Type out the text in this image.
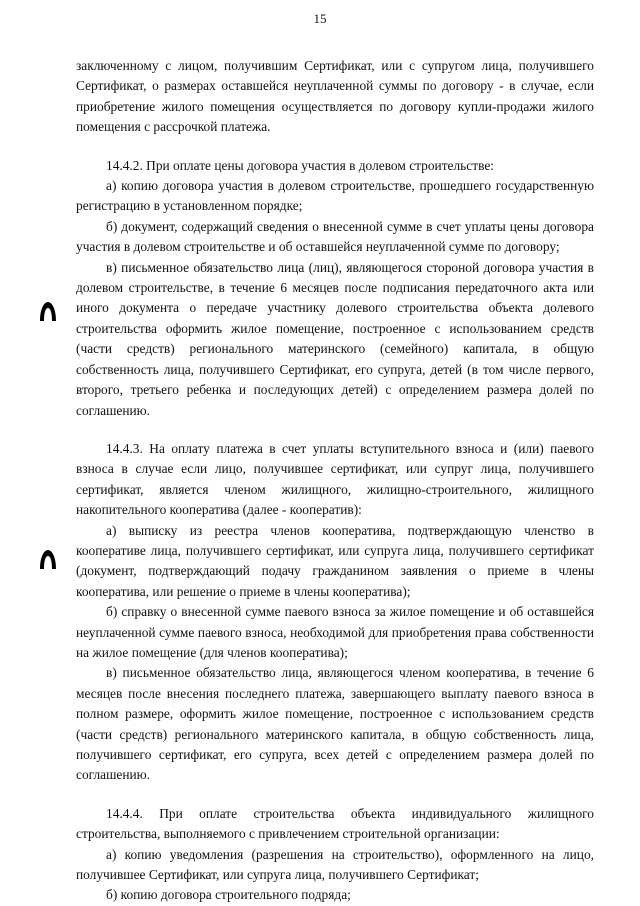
15

заключенному с лицом, получившим Сертификат, или с супругом лица, получившего Сертификат, о размерах оставшейся неуплаченной суммы по договору - в случае, если приобретение жилого помещения осуществляется по договору купли-продажи жилого помещения с рассрочкой платежа.

14.4.2. При оплате цены договора участия в долевом строительстве:

а) копию договора участия в долевом строительстве, прошедшего государственную регистрацию в установленном порядке;

б) документ, содержащий сведения о внесенной сумме в счет уплаты цены договора участия в долевом строительстве и об оставшейся неуплаченной сумме по договору;

в) письменное обязательство лица (лиц), являющегося стороной договора участия в долевом строительстве, в течение 6 месяцев после подписания передаточного акта или иного документа о передаче участнику долевого строительства объекта долевого строительства оформить жилое помещение, построенное с использованием средств (части средств) регионального материнского (семейного) капитала, в общую собственность лица, получившего Сертификат, его супруга, детей (в том числе первого, второго, третьего ребенка и последующих детей) с определением размера долей по соглашению.

14.4.3. На оплату платежа в счет уплаты вступительного взноса и (или) паевого взноса в случае если лицо, получившее сертификат, или супруг лица, получившего сертификат, является членом жилищного, жилищно-строительного, жилищного накопительного кооператива (далее - кооператив):

а) выписку из реестра членов кооператива, подтверждающую членство в кооперативе лица, получившего сертификат, или супруга лица, получившего сертификат (документ, подтверждающий подачу гражданином заявления о приеме в члены кооператива, или решение о приеме в члены кооператива);

б) справку о внесенной сумме паевого взноса за жилое помещение и об оставшейся неуплаченной сумме паевого взноса, необходимой для приобретения права собственности на жилое помещение (для членов кооператива);

в) письменное обязательство лица, являющегося членом кооператива, в течение 6 месяцев после внесения последнего платежа, завершающего выплату паевого взноса в полном размере, оформить жилое помещение, построенное с использованием средств (части средств) регионального материнского капитала, в общую собственность лица, получившего сертификат, его супруга, всех детей с определением размера долей по соглашению.

14.4.4. При оплате строительства объекта индивидуального жилищного строительства, выполняемого с привлечением строительной организации:

а) копию уведомления (разрешения на строительство), оформленного на лицо, получившее Сертификат, или супруга лица, получившего Сертификат;

б) копию договора строительного подряда;
